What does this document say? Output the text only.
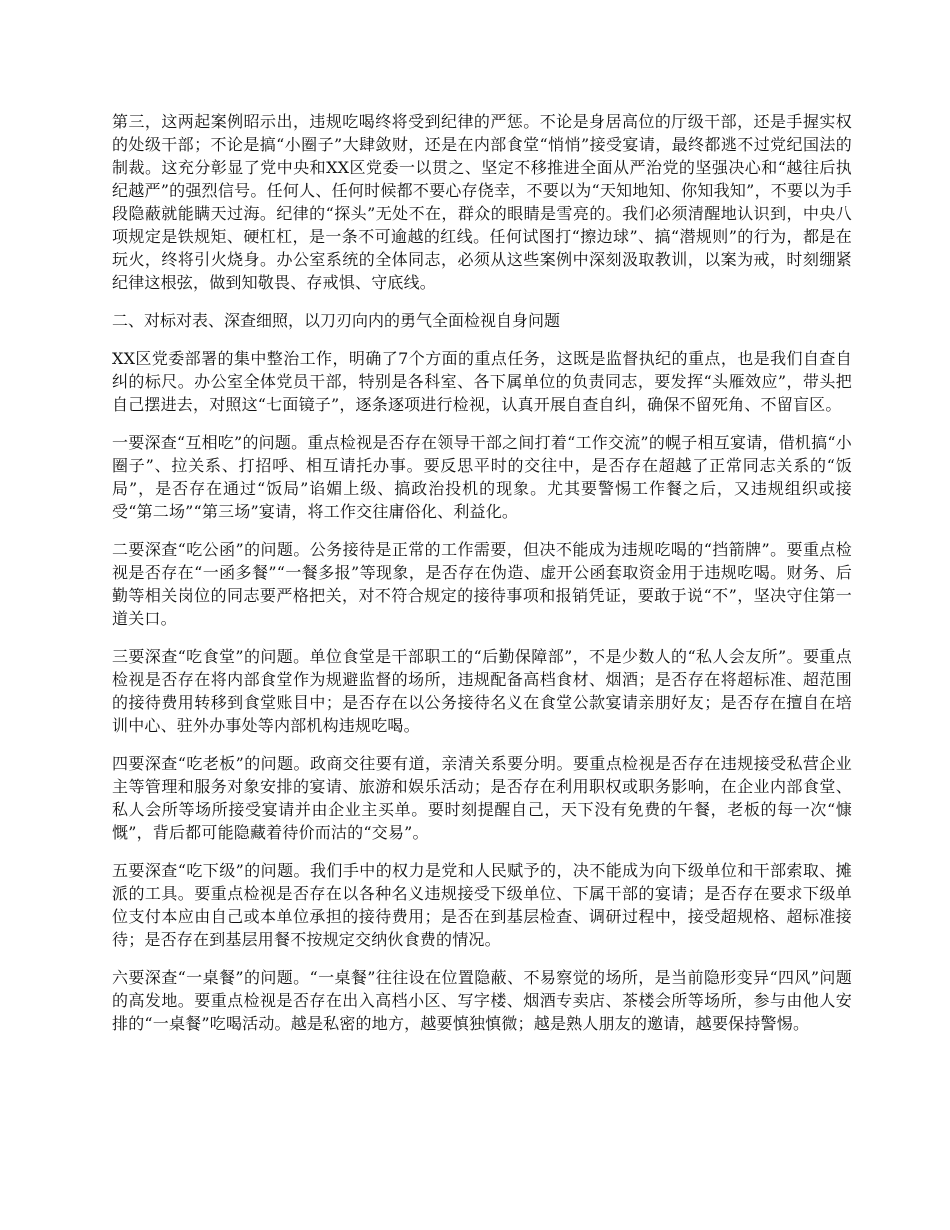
第三，这两起案例昭示出，违规吃喝终将受到纪律的严惩。不论是身居高位的厅级干部，还是手握实权的处级干部；不论是搞“小圈子”大肆敛财，还是在内部食堂“悄悄”接受宴请，最终都逃不过党纪国法的制裁。这充分彰显了党中央和XX区党委一以贯之、坚定不移推进全面从严治党的坚强决心和“越往后执纪越严”的强烈信号。任何人、任何时候都不要心存侥幸，不要以为“天知地知、你知我知”，不要以为手段隐蔽就能瞒天过海。纪律的“探头”无处不在，群众的眼睛是雪亮的。我们必须清醒地认识到，中央八项规定是铁规矩、硬杠杠，是一条不可逾越的红线。任何试图打“擦边球”、搞“潜规则”的行为，都是在玩火，终将引火烧身。办公室系统的全体同志，必须从这些案例中深刻汲取教训，以案为戒，时刻绷紧纪律这根弦，做到知敬畏、存戒惧、守底线。

二、对标对表、深查细照，以刀刃向内的勇气全面检视自身问题

XX区党委部署的集中整治工作，明确了7个方面的重点任务，这既是监督执纪的重点，也是我们自查自纠的标尺。办公室全体党员干部，特别是各科室、各下属单位的负责同志，要发挥“头雁效应”，带头把自己摆进去，对照这“七面镜子”，逐条逐项进行检视，认真开展自查自纠，确保不留死角、不留盲区。

一要深查“互相吃”的问题。重点检视是否存在领导干部之间打着“工作交流”的幌子相互宴请，借机搞“小圈子”、拉关系、打招呼、相互请托办事。要反思平时的交往中，是否存在超越了正常同志关系的“饭局”，是否存在通过“饭局”谄媚上级、搞政治投机的现象。尤其要警惕工作餐之后，又违规组织或接受“第二场”“第三场”宴请，将工作交往庸俗化、利益化。

二要深查“吃公函”的问题。公务接待是正常的工作需要，但决不能成为违规吃喝的“挡箭牌”。要重点检视是否存在“一函多餐”“一餐多报”等现象，是否存在伪造、虚开公函套取资金用于违规吃喝。财务、后勤等相关岗位的同志要严格把关，对不符合规定的接待事项和报销凭证，要敢于说“不”，坚决守住第一道关口。

三要深查“吃食堂”的问题。单位食堂是干部职工的“后勤保障部”，不是少数人的“私人会友所”。要重点检视是否存在将内部食堂作为规避监督的场所，违规配备高档食材、烟酒；是否存在将超标准、超范围的接待费用转移到食堂账目中；是否存在以公务接待名义在食堂公款宴请亲朋好友；是否存在擅自在培训中心、驻外办事处等内部机构违规吃喝。

四要深查“吃老板”的问题。政商交往要有道，亲清关系要分明。要重点检视是否存在违规接受私营企业主等管理和服务对象安排的宴请、旅游和娱乐活动；是否存在利用职权或职务影响，在企业内部食堂、私人会所等场所接受宴请并由企业主买单。要时刻提醒自己，天下没有免费的午餐，老板的每一次“慷慨”，背后都可能隐藏着待价而沽的“交易”。

五要深查“吃下级”的问题。我们手中的权力是党和人民赋予的，决不能成为向下级单位和干部索取、摊派的工具。要重点检视是否存在以各种名义违规接受下级单位、下属干部的宴请；是否存在要求下级单位支付本应由自己或本单位承担的接待费用；是否在到基层检查、调研过程中，接受超规格、超标准接待；是否存在到基层用餐不按规定交纳伙食费的情况。

六要深查“一桌餐”的问题。“一桌餐”往往设在位置隐蔽、不易察觉的场所，是当前隐形变异“四风”问题的高发地。要重点检视是否存在出入高档小区、写字楼、烟酒专卖店、茶楼会所等场所，参与由他人安排的“一桌餐”吃喝活动。越是私密的地方，越要慎独慎微；越是熟人朋友的邀请，越要保持警惕。
